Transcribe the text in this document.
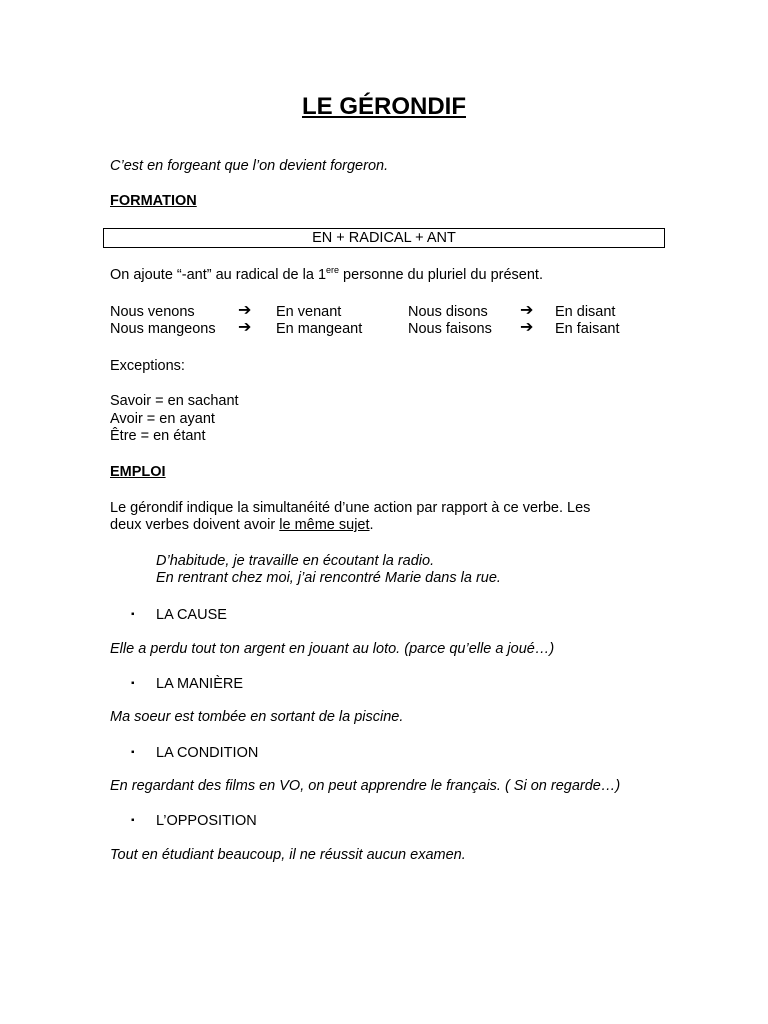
LE GÉRONDIF
C’est en forgeant que l’on devient forgeron.
FORMATION
EN + RADICAL + ANT
On ajoute “-ant” au radical de la 1ere personne du pluriel du présent.
Nous venons	➔ En venant
Nous mangeons ➔ En mangeant
Nous disons ➔ En disant
Nous faisons ➔ En faisant
Exceptions:
Savoir = en sachant
Avoir = en ayant
Être = en étant
EMPLOI
Le gérondif indique la simultanéité d’une action par rapport à ce verbe. Les
deux verbes doivent avoir le même sujet.
D’habitude, je travaille en écoutant la radio.
En rentrant chez moi, j’ai rencontré Marie dans la rue.
▪ LA CAUSE
Elle a perdu tout ton argent en jouant au loto. (parce qu’elle a joué…)
▪ LA MANIÈRE
Ma soeur est tombée en sortant de la piscine.
▪ LA CONDITION
En regardant des films en VO, on peut apprendre le français. ( Si on regarde…)
▪ L’OPPOSITION
Tout en étudiant beaucoup, il ne réussit aucun examen.
